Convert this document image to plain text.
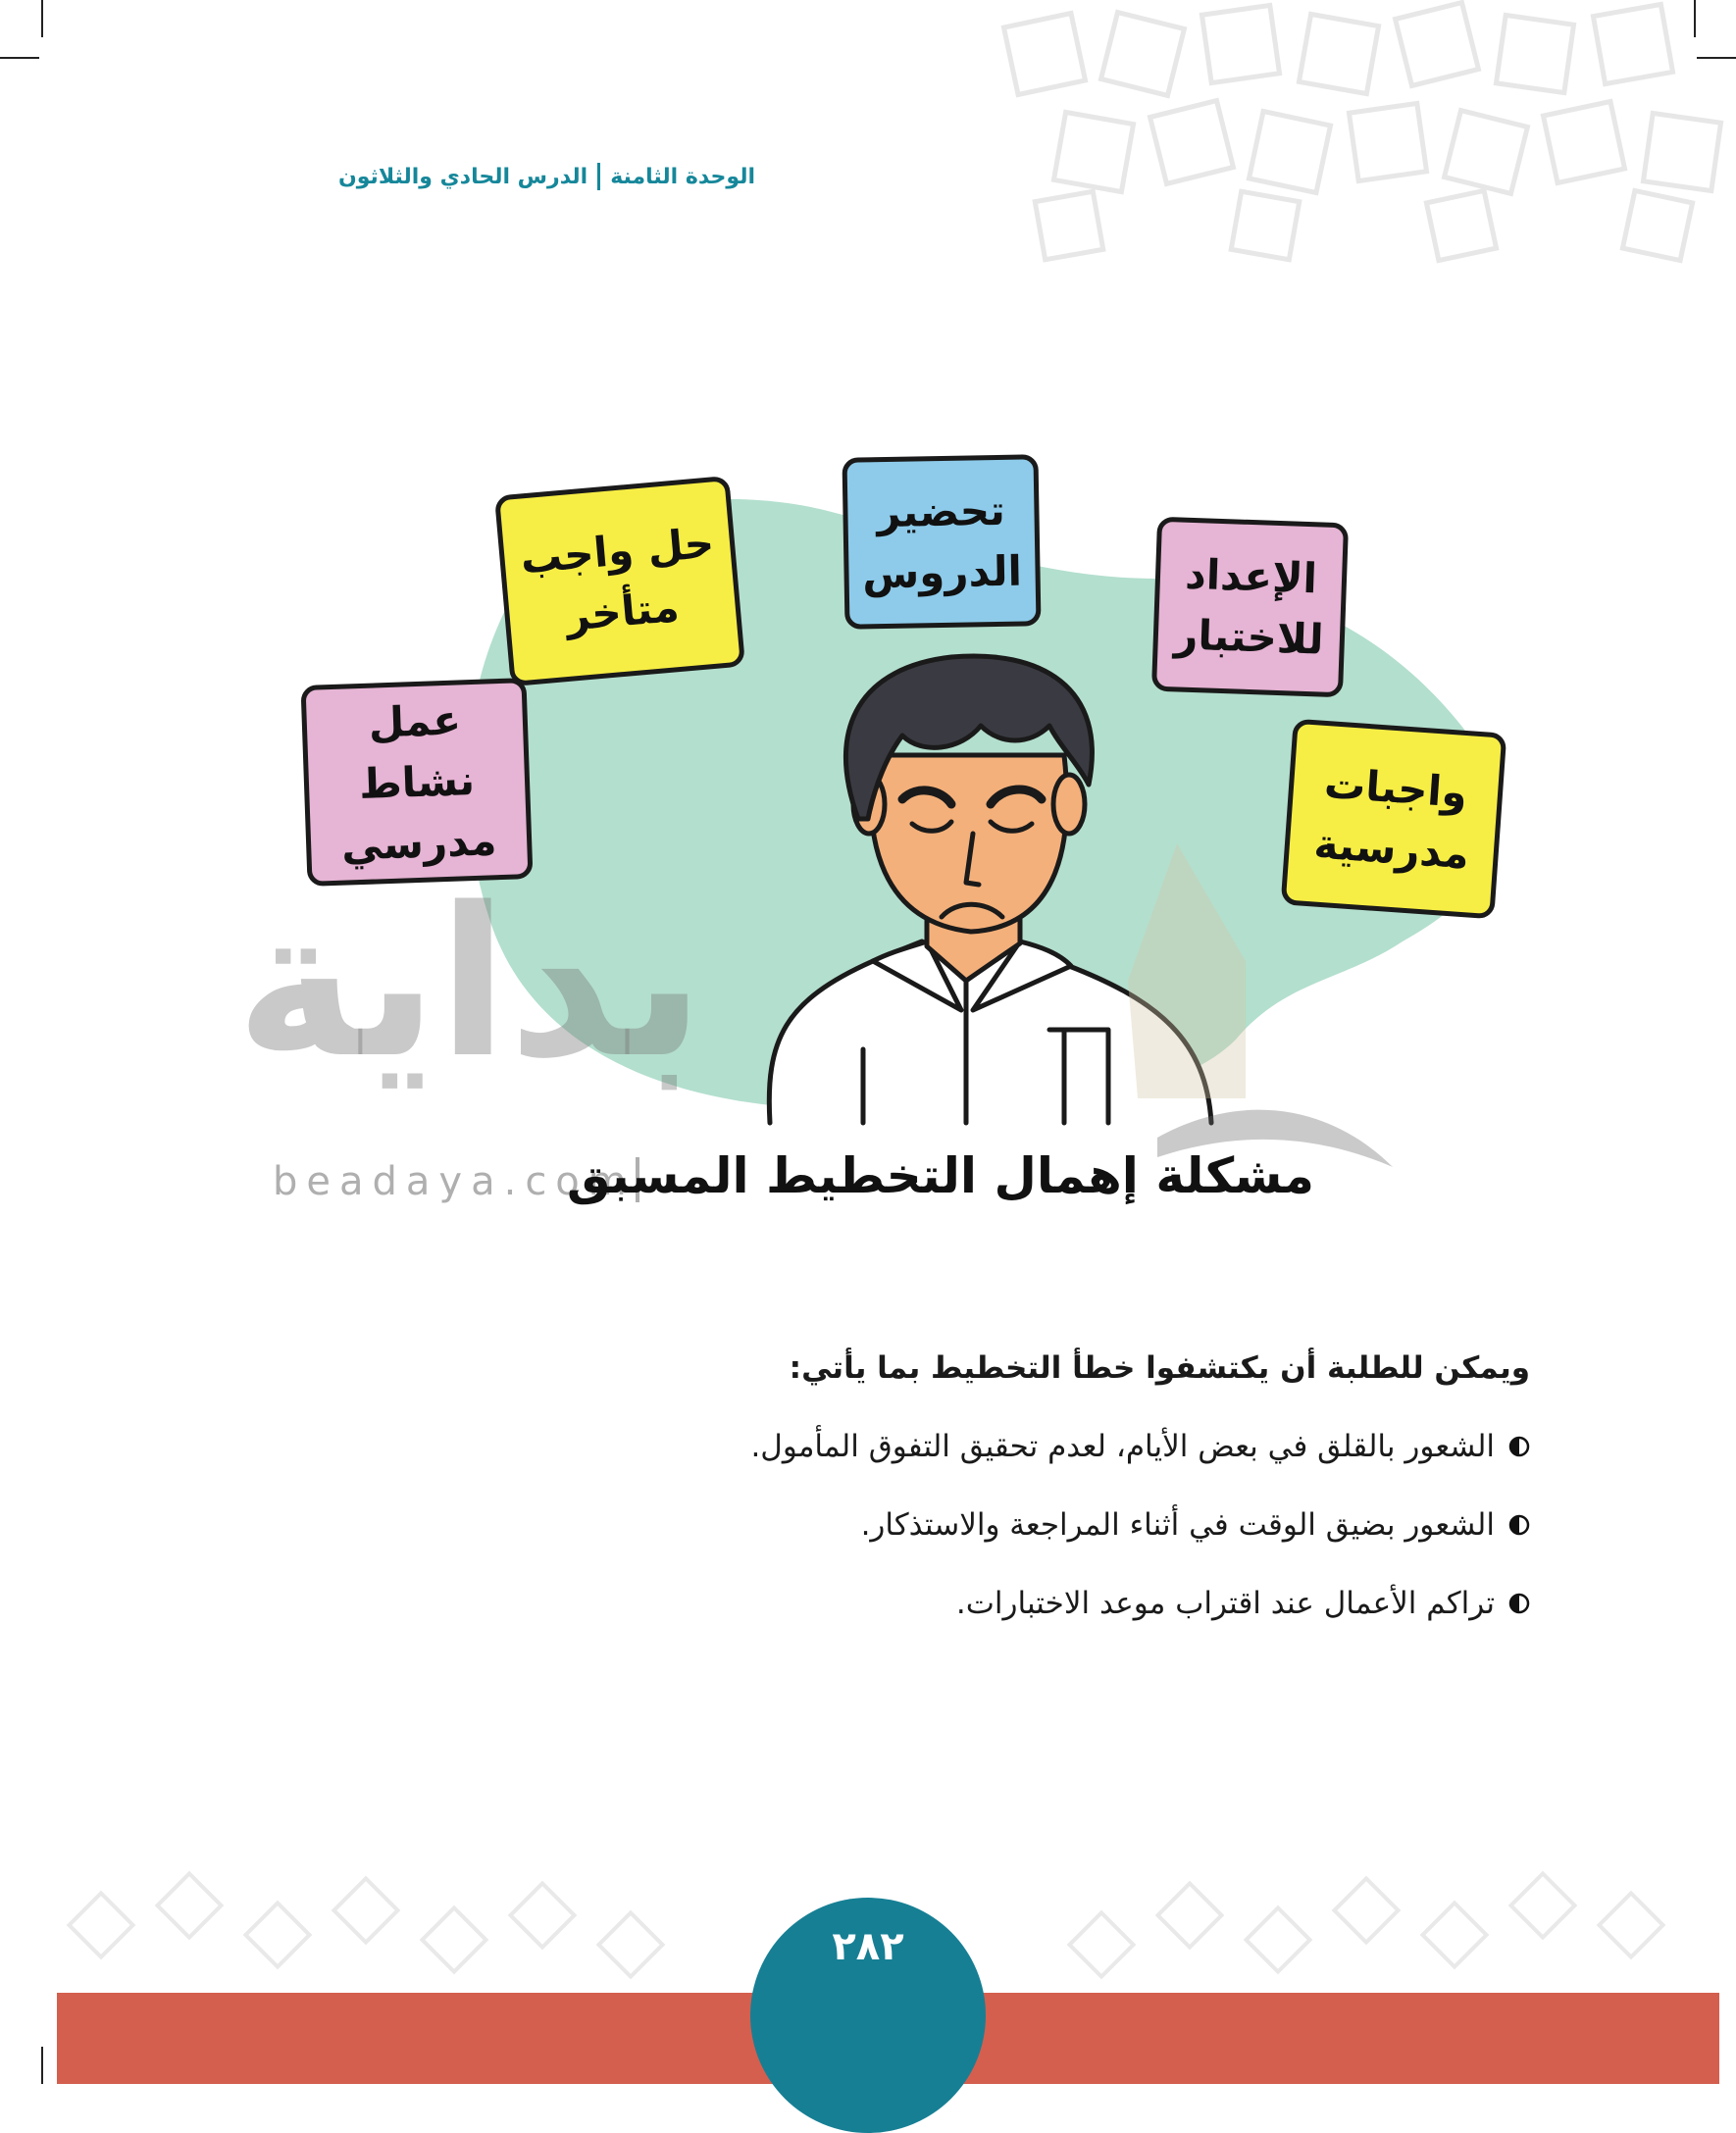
الوحدة الثامنة
الدرس الحادي والثلاثون
عمل نشاط
مدرسي
حل واجب
متأخر
تحضير
الدروس	الإعداد
للاختبار
واجبات
مدرسية
بداية
beadaya.com
مشكلة إهمال التخطيط المسبق
ويمكن للطلبة أن يكتشفوا خطأ التخطيط بما يأتي:
الشعور بالقلق في بعض الأيام، لعدم تحقيق التفوق المأمول.
الشعور بضيق الوقت في أثناء المراجعة والاستذكار.
تراكم الأعمال عند اقتراب موعد الاختبارات.
٢٨٢
